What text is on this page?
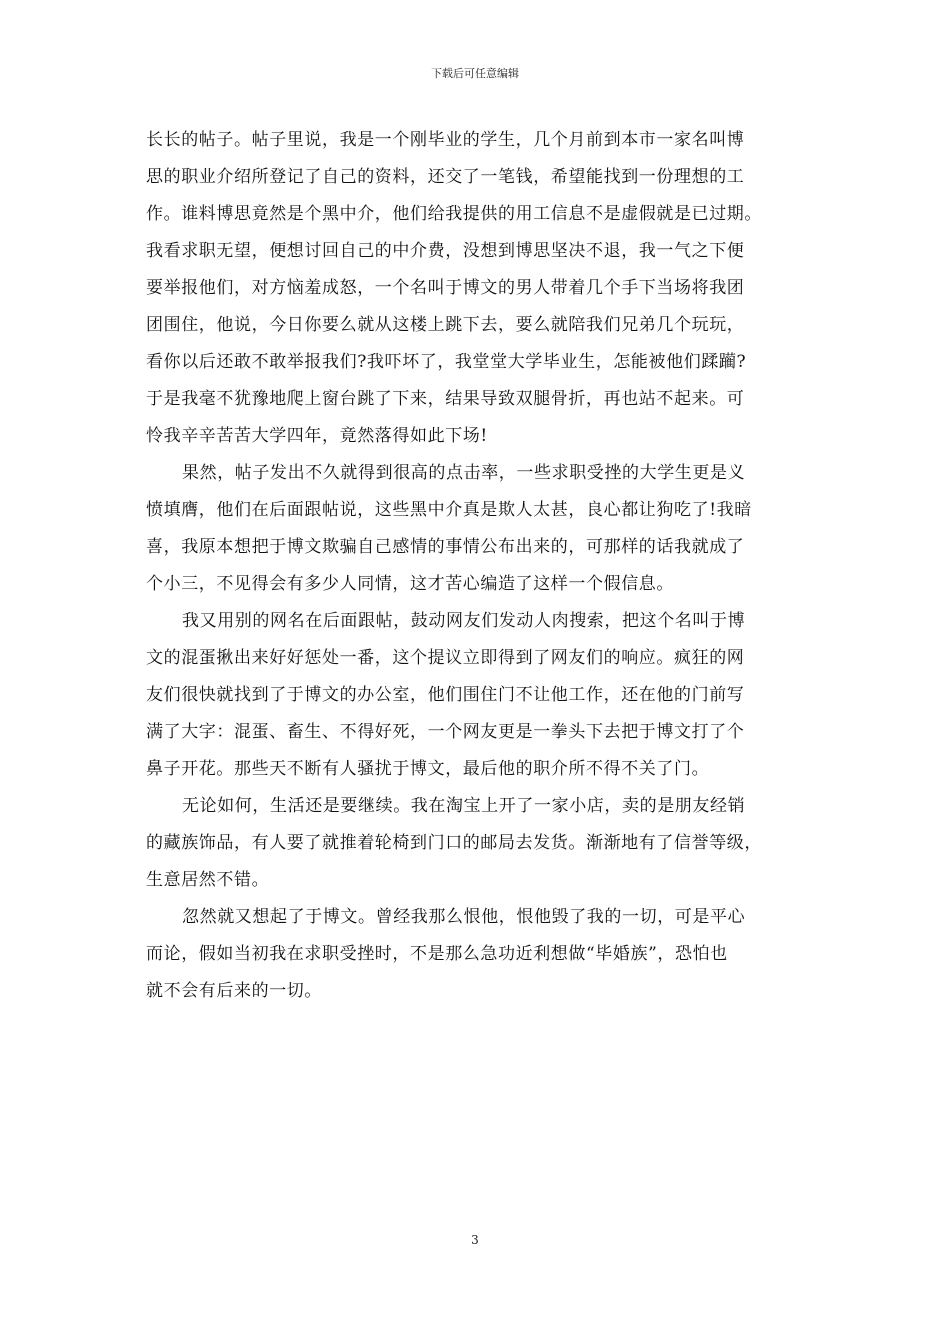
下载后可任意编辑
长长的帖子。帖子里说，我是一个刚毕业的学生，几个月前到本市一家名叫博
思的职业介绍所登记了自己的资料，还交了一笔钱，希望能找到一份理想的工
作。谁料博思竟然是个黑中介，他们给我提供的用工信息不是虚假就是已过期。
我看求职无望，便想讨回自己的中介费，没想到博思坚决不退，我一气之下便
要举报他们，对方恼羞成怒，一个名叫于博文的男人带着几个手下当场将我团
团围住，他说，今日你要么就从这楼上跳下去，要么就陪我们兄弟几个玩玩，
看你以后还敢不敢举报我们?我吓坏了，我堂堂大学毕业生，怎能被他们蹂躏?
于是我毫不犹豫地爬上窗台跳了下来，结果导致双腿骨折，再也站不起来。可
怜我辛辛苦苦大学四年，竟然落得如此下场!
果然，帖子发出不久就得到很高的点击率，一些求职受挫的大学生更是义
愤填膺，他们在后面跟帖说，这些黑中介真是欺人太甚，良心都让狗吃了!我暗
喜，我原本想把于博文欺骗自己感情的事情公布出来的，可那样的话我就成了
个小三，不见得会有多少人同情，这才苦心编造了这样一个假信息。
我又用别的网名在后面跟帖，鼓动网友们发动人肉搜索，把这个名叫于博
文的混蛋揪出来好好惩处一番，这个提议立即得到了网友们的响应。疯狂的网
友们很快就找到了于博文的办公室，他们围住门不让他工作，还在他的门前写
满了大字：混蛋、畜生、不得好死，一个网友更是一拳头下去把于博文打了个
鼻子开花。那些天不断有人骚扰于博文，最后他的职介所不得不关了门。
无论如何，生活还是要继续。我在淘宝上开了一家小店，卖的是朋友经销
的藏族饰品，有人要了就推着轮椅到门口的邮局去发货。渐渐地有了信誉等级，
生意居然不错。
忽然就又想起了于博文。曾经我那么恨他，恨他毁了我的一切，可是平心
而论，假如当初我在求职受挫时，不是那么急功近利想做“毕婚族”，恐怕也
就不会有后来的一切。
3
